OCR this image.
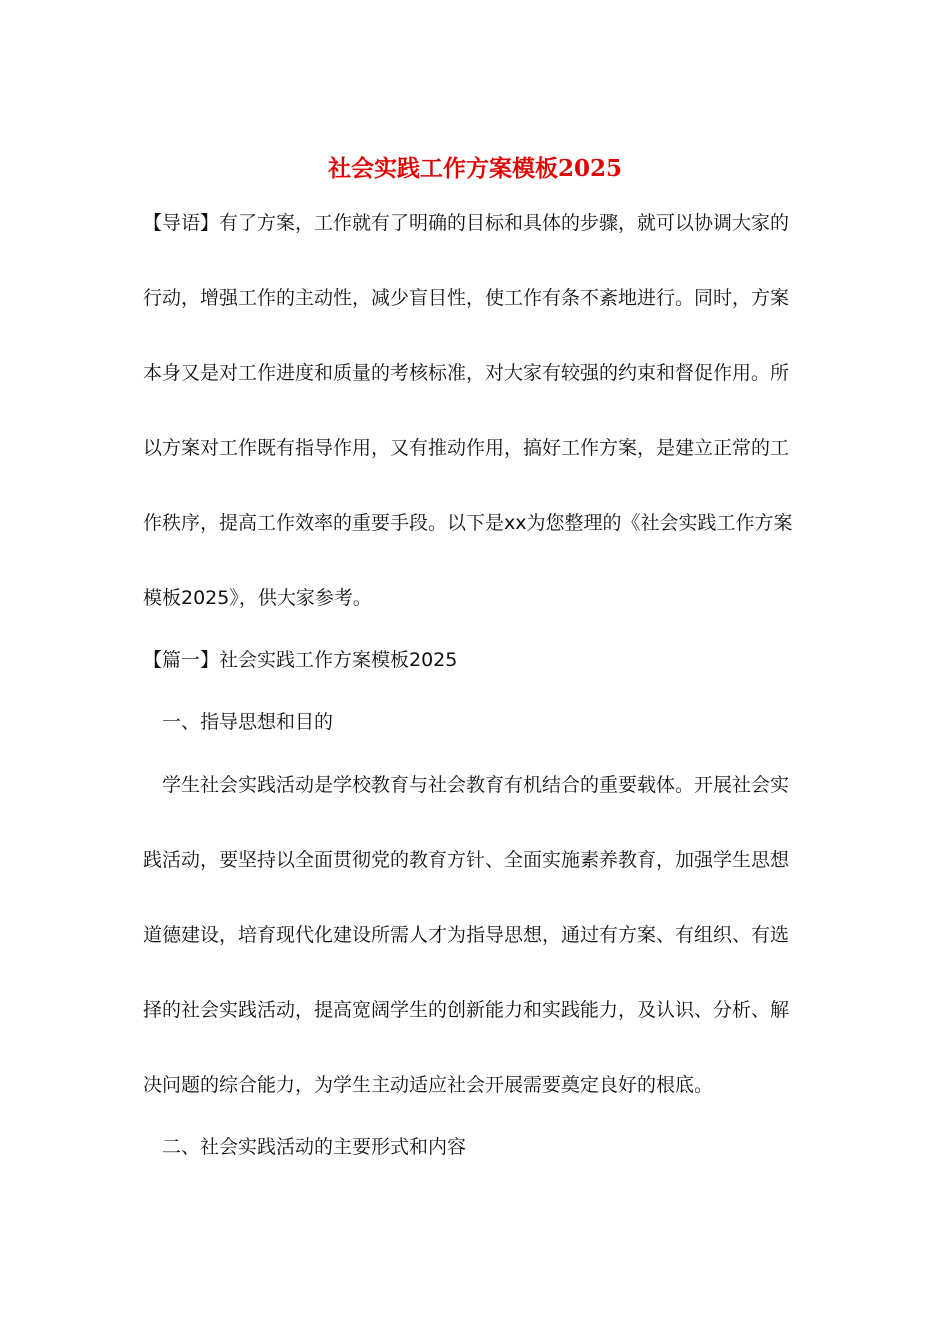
社会实践工作方案模板2025
【导语】有了方案，工作就有了明确的目标和具体的步骤，就可以协调大家的
行动，增强工作的主动性，减少盲目性，使工作有条不紊地进行。同时，方案
本身又是对工作进度和质量的考核标准，对大家有较强的约束和督促作用。所
以方案对工作既有指导作用，又有推动作用，搞好工作方案，是建立正常的工
作秩序，提高工作效率的重要手段。以下是xx为您整理的《社会实践工作方案
模板2025》，供大家参考。
【篇一】社会实践工作方案模板2025
一、指导思想和目的
学生社会实践活动是学校教育与社会教育有机结合的重要载体。开展社会实
践活动，要坚持以全面贯彻党的教育方针、全面实施素养教育，加强学生思想
道德建设，培育现代化建设所需人才为指导思想，通过有方案、有组织、有选
择的社会实践活动，提高宽阔学生的创新能力和实践能力，及认识、分析、解
决问题的综合能力，为学生主动适应社会开展需要奠定良好的根底。
二、社会实践活动的主要形式和内容
